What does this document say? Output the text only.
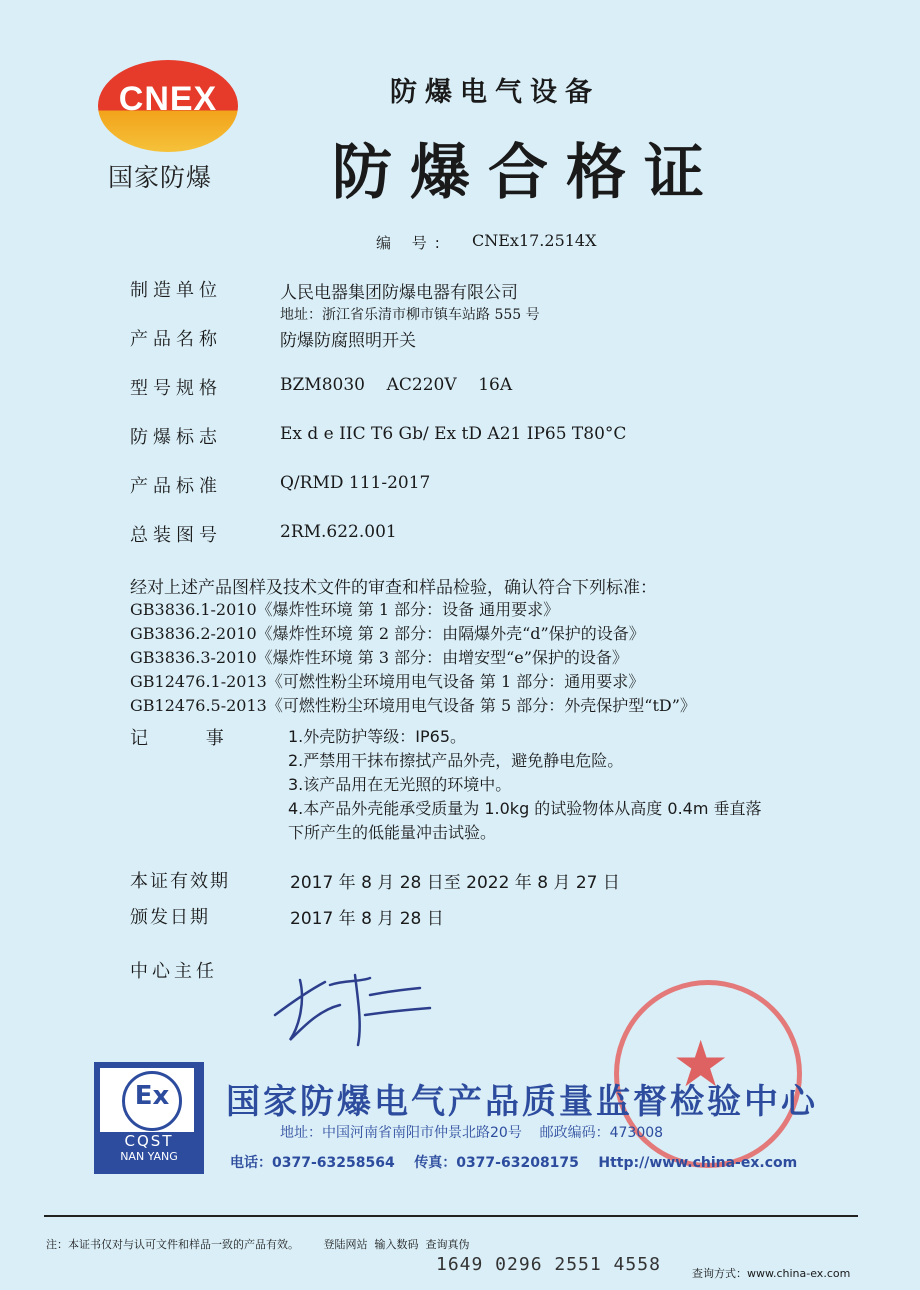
CNEX
国家防爆
防爆电气设备
防爆合格证
编 号: CNEx17.2514X
制造单位	人民电器集团防爆电器有限公司
地址：浙江省乐清市柳市镇车站路 555 号
产品名称	防爆防腐照明开关
型号规格	BZM8030    AC220V    16A
防爆标志	Ex d e IIC T6 Gb/ Ex tD A21 IP65 T80°C
产品标准	Q/RMD 111-2017
总装图号	2RM.622.001
经对上述产品图样及技术文件的审查和样品检验，确认符合下列标准：
GB3836.1-2010《爆炸性环境 第 1 部分：设备 通用要求》
GB3836.2-2010《爆炸性环境 第 2 部分：由隔爆外壳“d”保护的设备》
GB3836.3-2010《爆炸性环境 第 3 部分：由增安型“e”保护的设备》
GB12476.1-2013《可燃性粉尘环境用电气设备 第 1 部分：通用要求》
GB12476.5-2013《可燃性粉尘环境用电气设备 第 5 部分：外壳保护型“tD”》
记 事 1.外壳防护等级：IP65。
2.严禁用干抹布擦拭产品外壳，避免静电危险。
3.该产品用在无光照的环境中。
4.本产品外壳能承受质量为 1.0kg 的试验物体从高度 0.4m 垂直落
下所产生的低能量冲击试验。
本证有效期	2017 年 8 月 28 日至 2022 年 8 月 27 日
颁发日期	2017 年 8 月 28 日
中心主任
★
Ex
CQST
NAN YANG
国家防爆电气产品质量监督检验中心
地址：中国河南省南阳市仲景北路20号    邮政编码：473008
电话：0377-63258564    传真：0377-63208175    Http://www.china-ex.com
注：本证书仅对与认可文件和样品一致的产品有效。       登陆网站  输入数码  查询真伪
1649 0296 2551 4558	查询方式：www.china-ex.com
